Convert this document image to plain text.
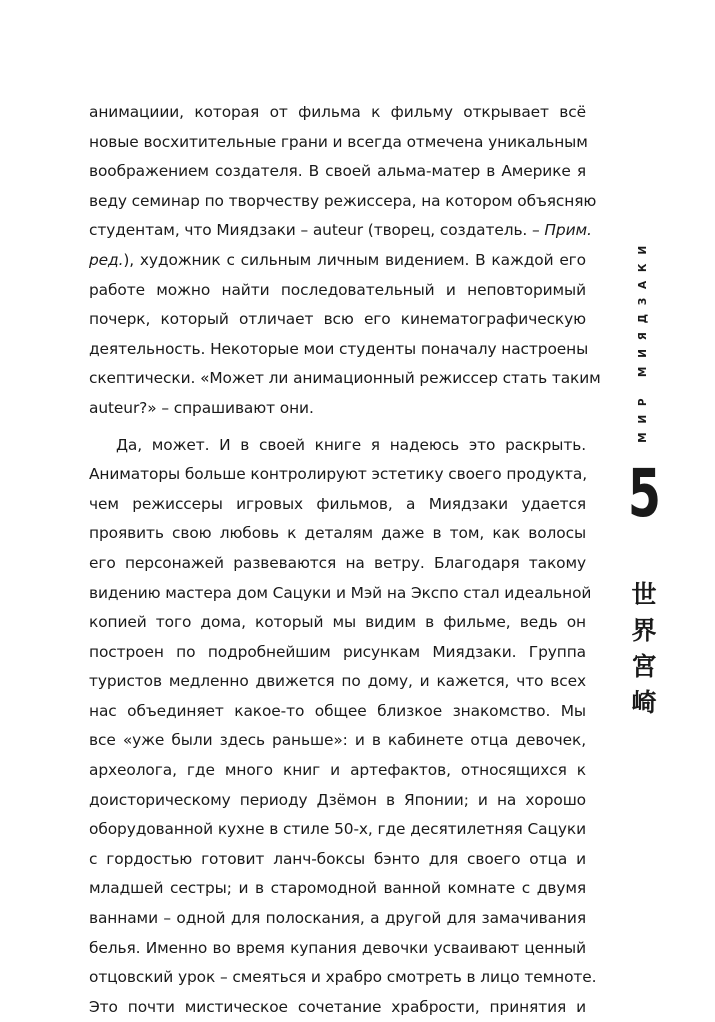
анимациии, которая от фильма к фильму открывает всё
новые восхитительные грани и всегда отмечена уникальным
воображением создателя. В своей альма-матер в Америке я
веду семинар по творчеству режиссера, на котором объясняю
студентам, что Миядзаки – auteur (творец, создатель. – Прим.
ред.), художник с сильным личным видением. В каждой его
работе можно найти последовательный и неповторимый
почерк, который отличает всю его кинематографическую
деятельность. Некоторые мои студенты поначалу настроены
скептически. «Может ли анимационный режиссер стать таким
auteur?» – спрашивают они.

Да, может. И в своей книге я надеюсь это раскрыть.
Аниматоры больше контролируют эстетику своего продукта,
чем режиссеры игровых фильмов, а Миядзаки удается
проявить свою любовь к деталям даже в том, как волосы
его персонажей развеваются на ветру. Благодаря такому
видению мастера дом Сацуки и Мэй на Экспо стал идеальной
копией того дома, который мы видим в фильме, ведь он
построен по подробнейшим рисункам Миядзаки. Группа
туристов медленно движется по дому, и кажется, что всех
нас объединяет какое-то общее близкое знакомство. Мы
все «уже были здесь раньше»: и в кабинете отца девочек,
археолога, где много книг и артефактов, относящихся к
доисторическому периоду Дзёмон в Японии; и на хорошо
оборудованной кухне в стиле 50-х, где десятилетняя Сацуки
с гордостью готовит ланч-боксы бэнто для своего отца и
младшей сестры; и в старомодной ванной комнате с двумя
ваннами – одной для полоскания, а другой для замачивания
белья. Именно во время купания девочки усваивают ценный
отцовский урок – смеяться и храбро смотреть в лицо темноте.
Это почти мистическое сочетание храбрости, принятия и

МИР МИЯДЗАКИ
5
世
界
宮
崎
